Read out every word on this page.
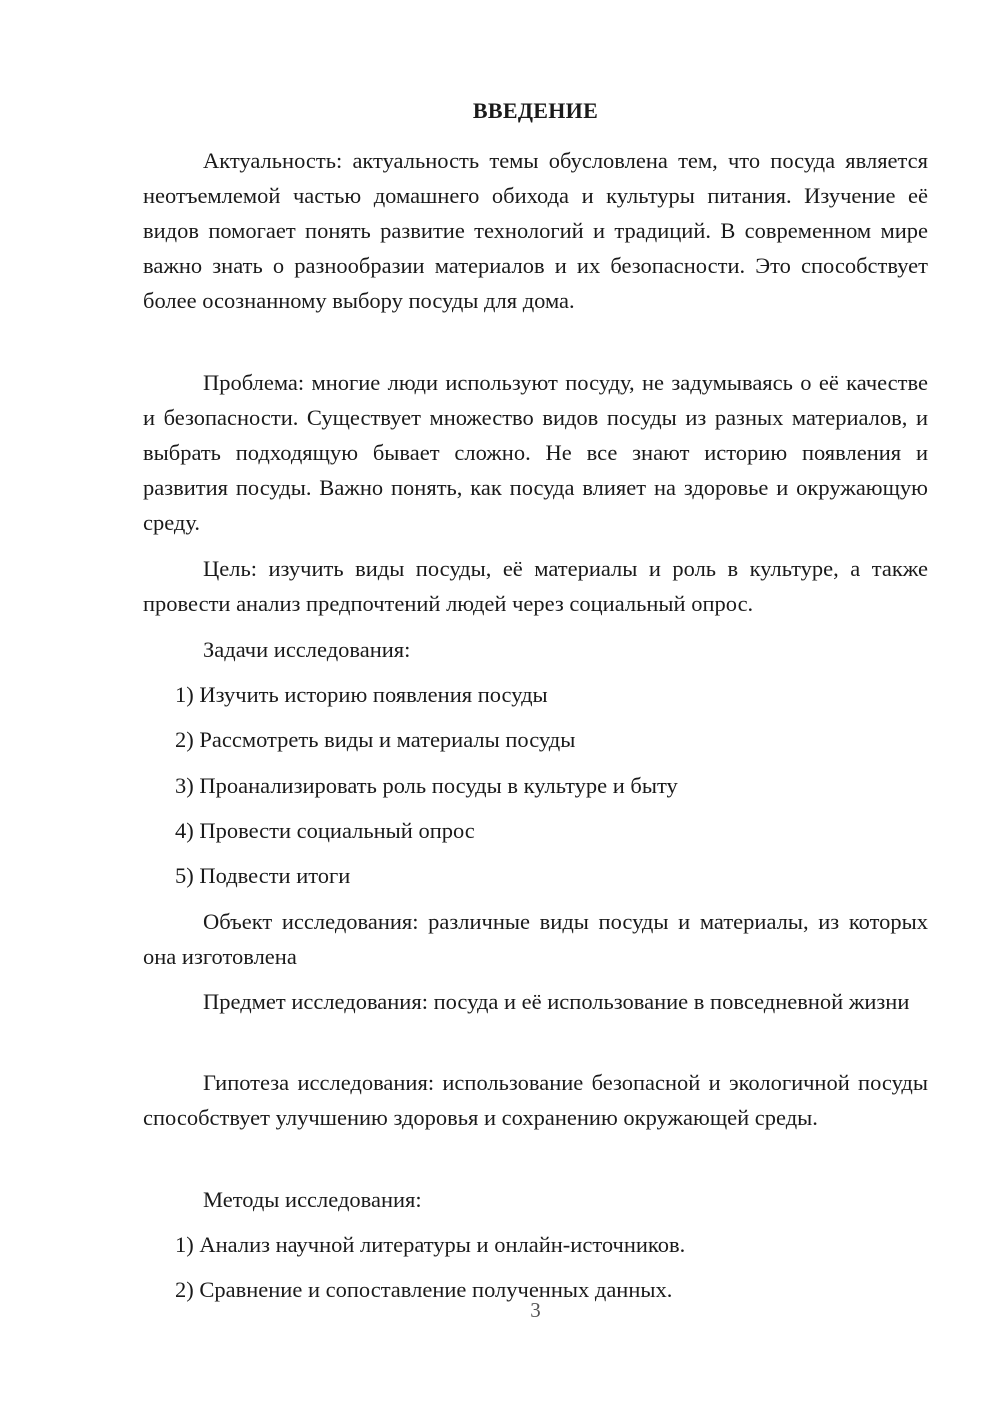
ВВЕДЕНИЕ

Актуальность: актуальность темы обусловлена тем, что посуда является неотъемлемой частью домашнего обихода и культуры питания. Изучение её видов помогает понять развитие технологий и традиций. В современном мире важно знать о разнообразии материалов и их безопасности. Это способствует более осознанному выбору посуды для дома.

Проблема: многие люди используют посуду, не задумываясь о её качестве и безопасности. Существует множество видов посуды из разных материалов, и выбрать подходящую бывает сложно. Не все знают историю появления и развития посуды. Важно понять, как посуда влияет на здоровье и окружающую среду.

Цель: изучить виды посуды, её материалы и роль в культуре, а также провести анализ предпочтений людей через социальный опрос.

Задачи исследования:

1) Изучить историю появления посуды

2) Рассмотреть виды и материалы посуды

3) Проанализировать роль посуды в культуре и быту

4) Провести социальный опрос

5) Подвести итоги

Объект исследования: различные виды посуды и материалы, из которых она изготовлена

Предмет исследования: посуда и её использование в повседневной жизни

Гипотеза исследования: использование безопасной и экологичной посуды способствует улучшению здоровья и сохранению окружающей среды.

Методы исследования:

1) Анализ научной литературы и онлайн-источников.

2) Сравнение и сопоставление полученных данных.

3
